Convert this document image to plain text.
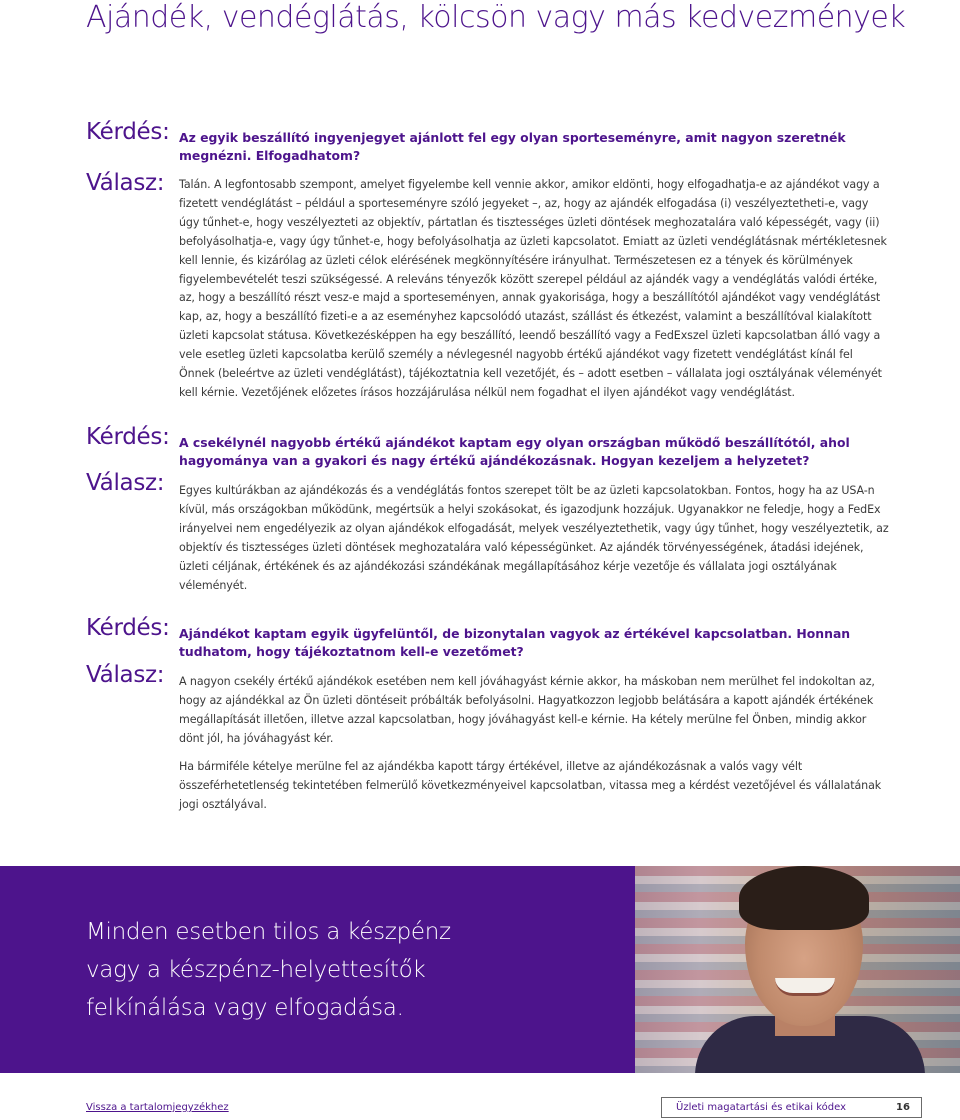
Ajándék, vendéglátás, kölcsön vagy más kedvezmények
Kérdés: Az egyik beszállító ingyenjegyet ajánlott fel egy olyan sporteseményre, amit nagyon szeretnék megnézni. Elfogadhatom?
Válasz: Talán. A legfontosabb szempont, amelyet figyelembe kell vennie akkor, amikor eldönti, hogy elfogadhatja-e az ajándékot vagy a fizetett vendéglátást – például a sporteseményre szóló jegyeket –, az, hogy az ajándék elfogadása (i) veszélyeztetheti-e, vagy úgy tűnhet-e, hogy veszélyezteti az objektív, pártatlan és tisztességes üzleti döntések meghozatalára való képességét, vagy (ii) befolyásolhatja-e, vagy úgy tűnhet-e, hogy befolyásolhatja az üzleti kapcsolatot. Emiatt az üzleti vendéglátásnak mértékletesnek kell lennie, és kizárólag az üzleti célok elérésének megkönnyítésére irányulhat. Természetesen ez a tények és körülmények figyelembevételét teszi szükségessé. A releváns tényezők között szerepel például az ajándék vagy a vendéglátás valódi értéke, az, hogy a beszállító részt vesz-e majd a sporteseményen, annak gyakorisága, hogy a beszállítótól ajándékot vagy vendéglátást kap, az, hogy a beszállító fizeti-e a az eseményhez kapcsolódó utazást, szállást és étkezést, valamint a beszállítóval kialakított üzleti kapcsolat státusa. Következésképpen ha egy beszállító, leendő beszállító vagy a FedExszel üzleti kapcsolatban álló vagy a vele esetleg üzleti kapcsolatba kerülő személy a névlegesnél nagyobb értékű ajándékot vagy fizetett vendéglátást kínál fel Önnek (beleértve az üzleti vendéglátást), tájékoztatnia kell vezetőjét, és – adott esetben – vállalata jogi osztályának véleményét kell kérnie. Vezetőjének előzetes írásos hozzájárulása nélkül nem fogadhat el ilyen ajándékot vagy vendéglátást.
Kérdés: A csekélynél nagyobb értékű ajándékot kaptam egy olyan országban működő beszállítótól, ahol hagyományа van a gyakori és nagy értékű ajándékozásnak. Hogyan kezeljem a helyzetet?
Válasz: Egyes kultúrákban az ajándékozás és a vendéglátás fontos szerepet tölt be az üzleti kapcsolatokban. Fontos, hogy ha az USA-n kívül, más országokban működünk, megértsük a helyi szokásokat, és igazodjunk hozzájuk. Ugyanakkor ne feledje, hogy a FedEx irányelvei nem engedélyezik az olyan ajándékok elfogadását, melyek veszélyeztethetik, vagy úgy tűnhet, hogy veszélyeztetik, az objektív és tisztességes üzleti döntések meghozatalára való képességünket. Az ajándék törvényességének, átadási idejének, üzleti céljának, értékének és az ajándékozási szándékának megállapításához kérje vezetője és vállalata jogi osztályának véleményét.
Kérdés: Ajándékot kaptam egyik ügyfelüntől, de bizonytalan vagyok az értékével kapcsolatban. Honnan tudhatom, hogy tájékoztatnom kell-e vezetőmet?
Válasz: A nagyon csekély értékű ajándékok esetében nem kell jóváhagyást kérnie akkor, ha máskoban nem merülhet fel indokoltan az, hogy az ajándékkal az Ön üzleti döntéseit próbálták befolyásolni. Hagyatkozzon legjobb belátására a kapott ajándék értékének megállapítását illetően, illetve azzal kapcsolatban, hogy jóváhagyást kell-e kérnie. Ha kétely merülne fel Önben, mindig akkor dönt jól, ha jóváhagyást kér.
Ha bármiféle kételye merülne fel az ajándékba kapott tárgy értékével, illetve az ajándékozásnak a valós vagy vélt összeférhetetlenség tekintetében felmerülő következményeivel kapcsolatban, vitassa meg a kérdést vezetőjével és vállalatának jogi osztályával.
Minden esetben tilos a készpénz vagy a készpénz-helyettesítők felkínálása vagy elfogadása.
Vissza a tartalomjegyzékhez	Üzleti magatartási és etikai kódex	16
